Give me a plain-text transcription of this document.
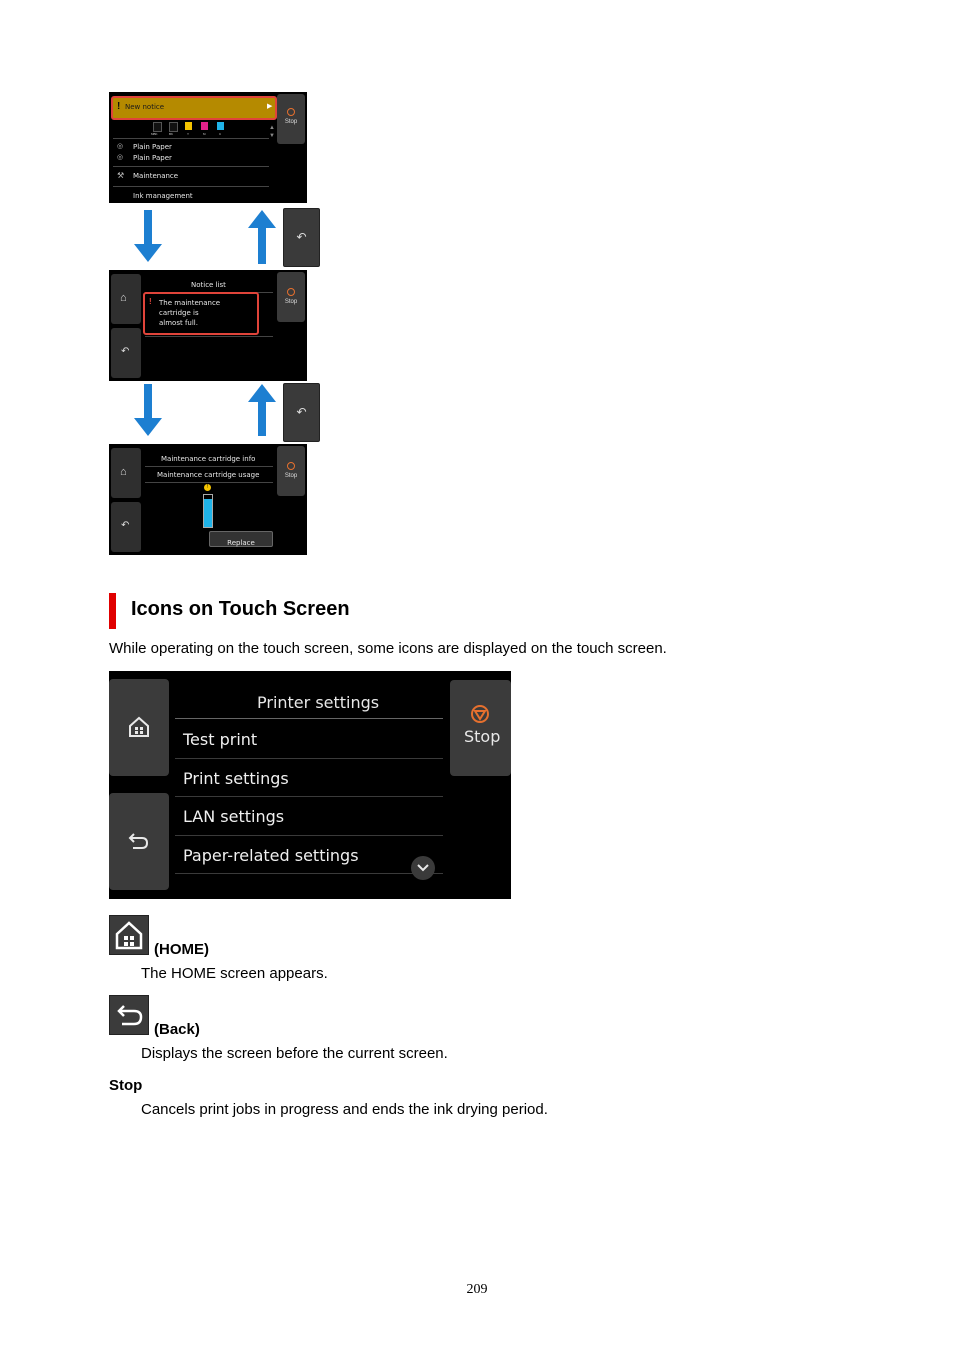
! New notice	▶
MBK	BK	Y	M	C
◎ Plain Paper
◎ Plain Paper
⚒ Maintenance
Ink management
▲
▼
Stop
↶
⌂
↶
Notice list
! The maintenance
cartridge is
almost full.
Stop
↶
⌂
↶
Maintenance cartridge info
Maintenance cartridge usage
!
Replace
Stop
Icons on Touch Screen
While operating on the touch screen, some icons are displayed on the touch screen.
Printer settings
Test print
Print settings
LAN settings
Paper-related settings
Stop
(HOME)
The HOME screen appears.
(Back)
Displays the screen before the current screen.
Stop
Cancels print jobs in progress and ends the ink drying period.
209
